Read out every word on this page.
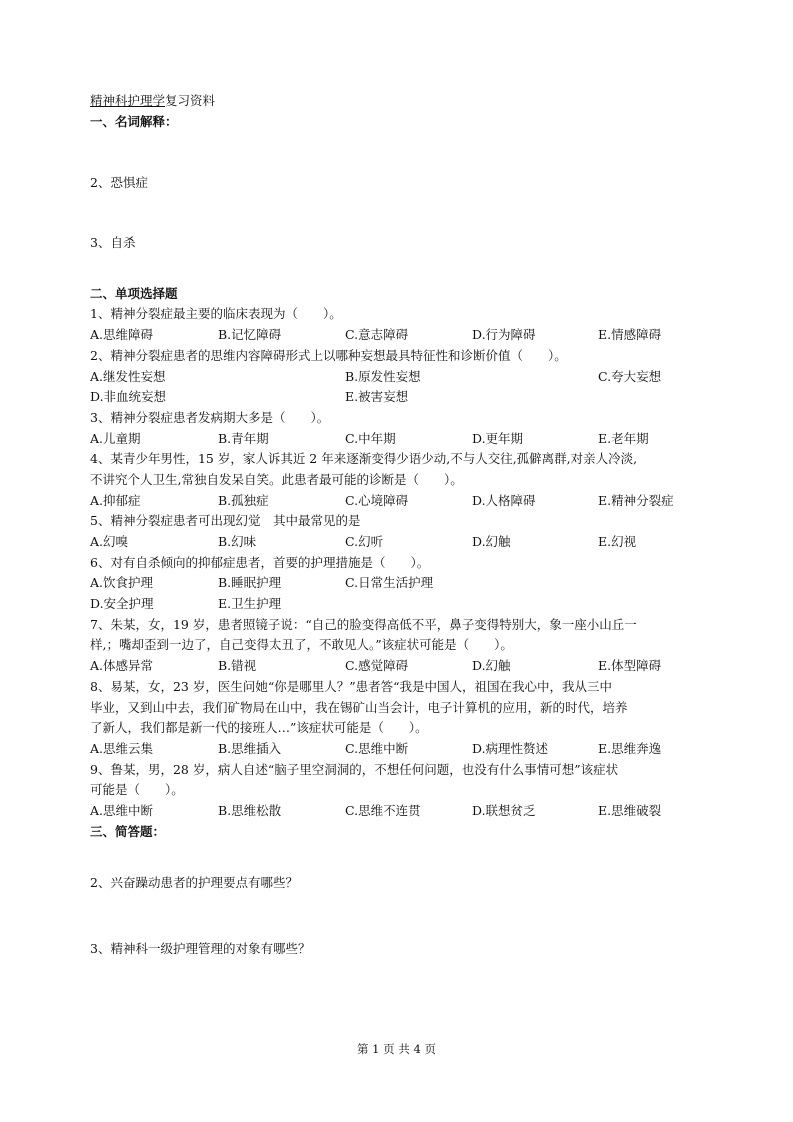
精神科护理学复习资料
一、名词解释：
2、恐惧症
3、自杀
二、单项选择题
1、精神分裂症最主要的临床表现为（　　）。
A.思维障碍	B.记忆障碍	C.意志障碍	D.行为障碍	E.情感障碍
2、精神分裂症患者的思维内容障碍形式上以哪种妄想最具特征性和诊断价值（　　）。
A.继发性妄想	B.原发性妄想	C.夸大妄想
D.非血统妄想	E.被害妄想
3、精神分裂症患者发病期大多是（　　）。
A.儿童期	B.青年期	C.中年期	D.更年期	E.老年期
4、某青少年男性，15 岁，家人诉其近 2 年来逐渐变得少语少动,不与人交往,孤僻离群,对亲人冷淡,
不讲究个人卫生,常独自发呆自笑。此患者最可能的诊断是（　　）。
A.抑郁症	B.孤独症	C.心境障碍	D.人格障碍	E.精神分裂症
5、精神分裂症患者可出现幻觉　其中最常见的是
A.幻嗅	B.幻味	C.幻听	D.幻触	E.幻视
6、对有自杀倾向的抑郁症患者，首要的护理措施是（　　）。
A.饮食护理	B.睡眠护理	C.日常生活护理
D.安全护理	E.卫生护理
7、朱某，女，19 岁，患者照镜子说：“自己的脸变得高低不平，鼻子变得特别大，象一座小山丘一
样,；嘴却歪到一边了，自己变得太丑了，不敢见人。”该症状可能是（　　）。
A.体感异常	B.错视	C.感觉障碍	D.幻触	E.体型障碍
8、易某，女，23 岁，医生问她“你是哪里人？”患者答“我是中国人，祖国在我心中，我从三中
毕业，又到山中去，我们矿物局在山中，我在锡矿山当会计，电子计算机的应用，新的时代，培养
了新人，我们都是新一代的接班人…”该症状可能是（　　）。
A.思维云集	B.思维插入	C.思维中断	D.病理性赘述	E.思维奔逸
9、鲁某，男，28 岁，病人自述“脑子里空洞洞的，不想任何问题，也没有什么事情可想”该症状
可能是（　　）。
A.思维中断	B.思维松散	C.思维不连贯	D.联想贫乏	E.思维破裂
三、简答题：
2、兴奋躁动患者的护理要点有哪些？
3、精神科一级护理管理的对象有哪些？
第 1 页 共 4 页
